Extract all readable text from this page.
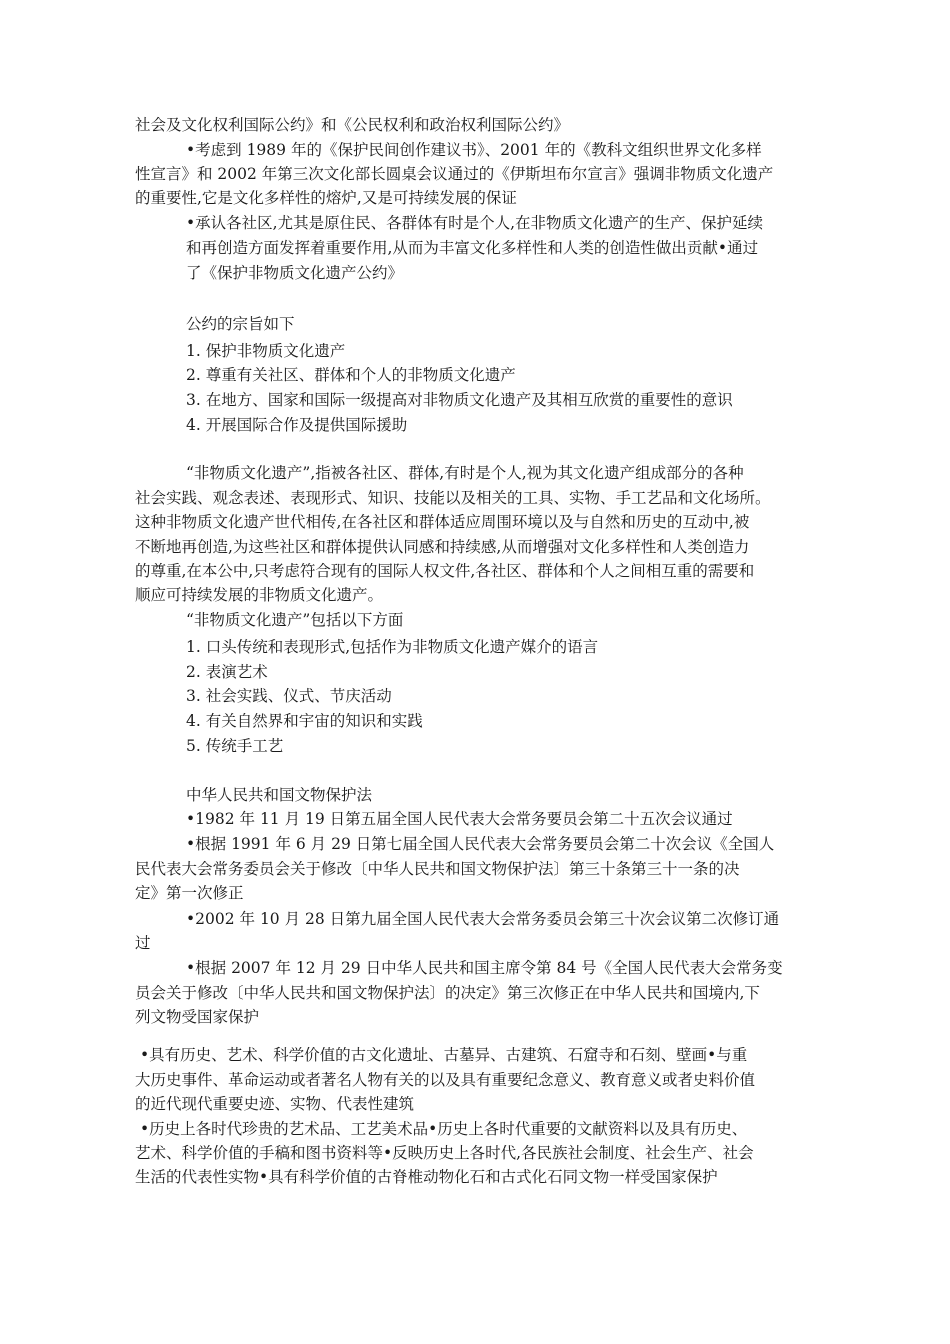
社会及文化权利国际公约》和《公民权利和政治权利国际公约》
•考虑到 1989 年的《保护民间创作建议书》、2001 年的《教科文组织世界文化多样
性宣言》和 2002 年第三次文化部长圆桌会议通过的《伊斯坦布尔宣言》强调非物质文化遗产
的重要性,它是文化多样性的熔炉,又是可持续发展的保证
•承认各社区,尤其是原住民、各群体有时是个人,在非物质文化遗产的生产、保护延续
和再创造方面发挥着重要作用,从而为丰富文化多样性和人类的创造性做出贡献•通过
了《保护非物质文化遗产公约》
公约的宗旨如下
1. 保护非物质文化遗产
2. 尊重有关社区、群体和个人的非物质文化遗产
3. 在地方、国家和国际一级提高对非物质文化遗产及其相互欣赏的重要性的意识
4. 开展国际合作及提供国际援助
“非物质文化遗产”,指被各社区、群体,有时是个人,视为其文化遗产组成部分的各种
社会实践、观念表述、表现形式、知识、技能以及相关的工具、实物、手工艺品和文化场所。
这种非物质文化遗产世代相传,在各社区和群体适应周围环境以及与自然和历史的互动中,被
不断地再创造,为这些社区和群体提供认同感和持续感,从而增强对文化多样性和人类创造力
的尊重,在本公中,只考虑符合现有的国际人权文件,各社区、群体和个人之间相互重的需要和
顺应可持续发展的非物质文化遗产。
“非物质文化遗产”包括以下方面
1. 口头传统和表现形式,包括作为非物质文化遗产媒介的语言
2. 表演艺术
3. 社会实践、仪式、节庆活动
4. 有关自然界和宇宙的知识和实践
5. 传统手工艺
中华人民共和国文物保护法
•1982 年 11 月 19 日第五届全国人民代表大会常务要员会第二十五次会议通过
•根据 1991 年 6 月 29 日第七届全国人民代表大会常务要员会第二十次会议《全国人
民代表大会常务委员会关于修改〔中华人民共和国文物保护法〕第三十条第三十一条的决
定》第一次修正
•2002 年 10 月 28 日第九届全国人民代表大会常务委员会第三十次会议第二次修订通
过
•根据 2007 年 12 月 29 日中华人民共和国主席令第 84 号《全国人民代表大会常务变
员会关于修改〔中华人民共和国文物保护法〕的决定》第三次修正在中华人民共和国境内,下
列文物受国家保护
•具有历史、艺术、科学价值的古文化遗址、古墓异、古建筑、石窟寺和石刻、壁画•与重
大历史事件、革命运动或者著名人物有关的以及具有重要纪念意义、教育意义或者史料价值
的近代现代重要史迹、实物、代表性建筑
•历史上各时代珍贵的艺术品、工艺美术品•历史上各时代重要的文献资料以及具有历史、
艺术、科学价值的手稿和图书资料等•反映历史上各时代,各民族社会制度、社会生产、社会
生活的代表性实物•具有科学价值的古脊椎动物化石和古式化石同文物一样受国家保护
